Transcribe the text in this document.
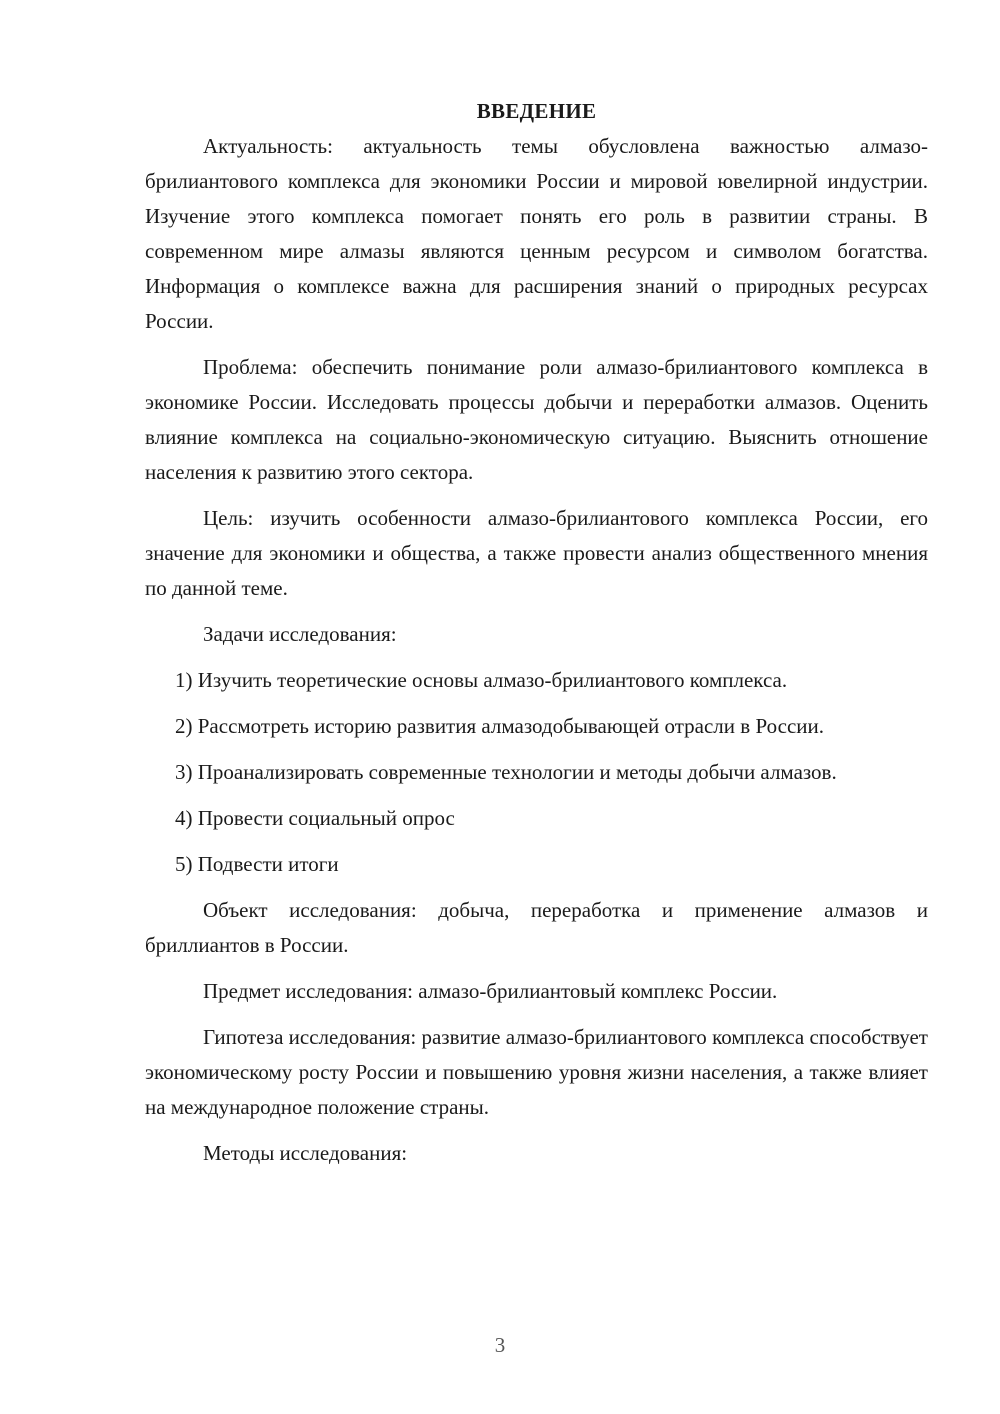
ВВЕДЕНИЕ

Актуальность: актуальность темы обусловлена важностью алмазо-брилиантового комплекса для экономики России и мировой ювелирной индустрии. Изучение этого комплекса помогает понять его роль в развитии страны. В современном мире алмазы являются ценным ресурсом и символом богатства. Информация о комплексе важна для расширения знаний о природных ресурсах России.

Проблема: обеспечить понимание роли алмазо-брилиантового комплекса в экономике России. Исследовать процессы добычи и переработки алмазов. Оценить влияние комплекса на социально-экономическую ситуацию. Выяснить отношение населения к развитию этого сектора.

Цель: изучить особенности алмазо-брилиантового комплекса России, его значение для экономики и общества, а также провести анализ общественного мнения по данной теме.

Задачи исследования:

1) Изучить теоретические основы алмазо-брилиантового комплекса.

2) Рассмотреть историю развития алмазодобывающей отрасли в России.

3) Проанализировать современные технологии и методы добычи алмазов.

4) Провести социальный опрос

5) Подвести итоги

Объект исследования: добыча, переработка и применение алмазов и бриллиантов в России.

Предмет исследования: алмазо-брилиантовый комплекс России.

Гипотеза исследования: развитие алмазо-брилиантового комплекса способствует экономическому росту России и повышению уровня жизни населения, а также влияет на международное положение страны.

Методы исследования:

3
